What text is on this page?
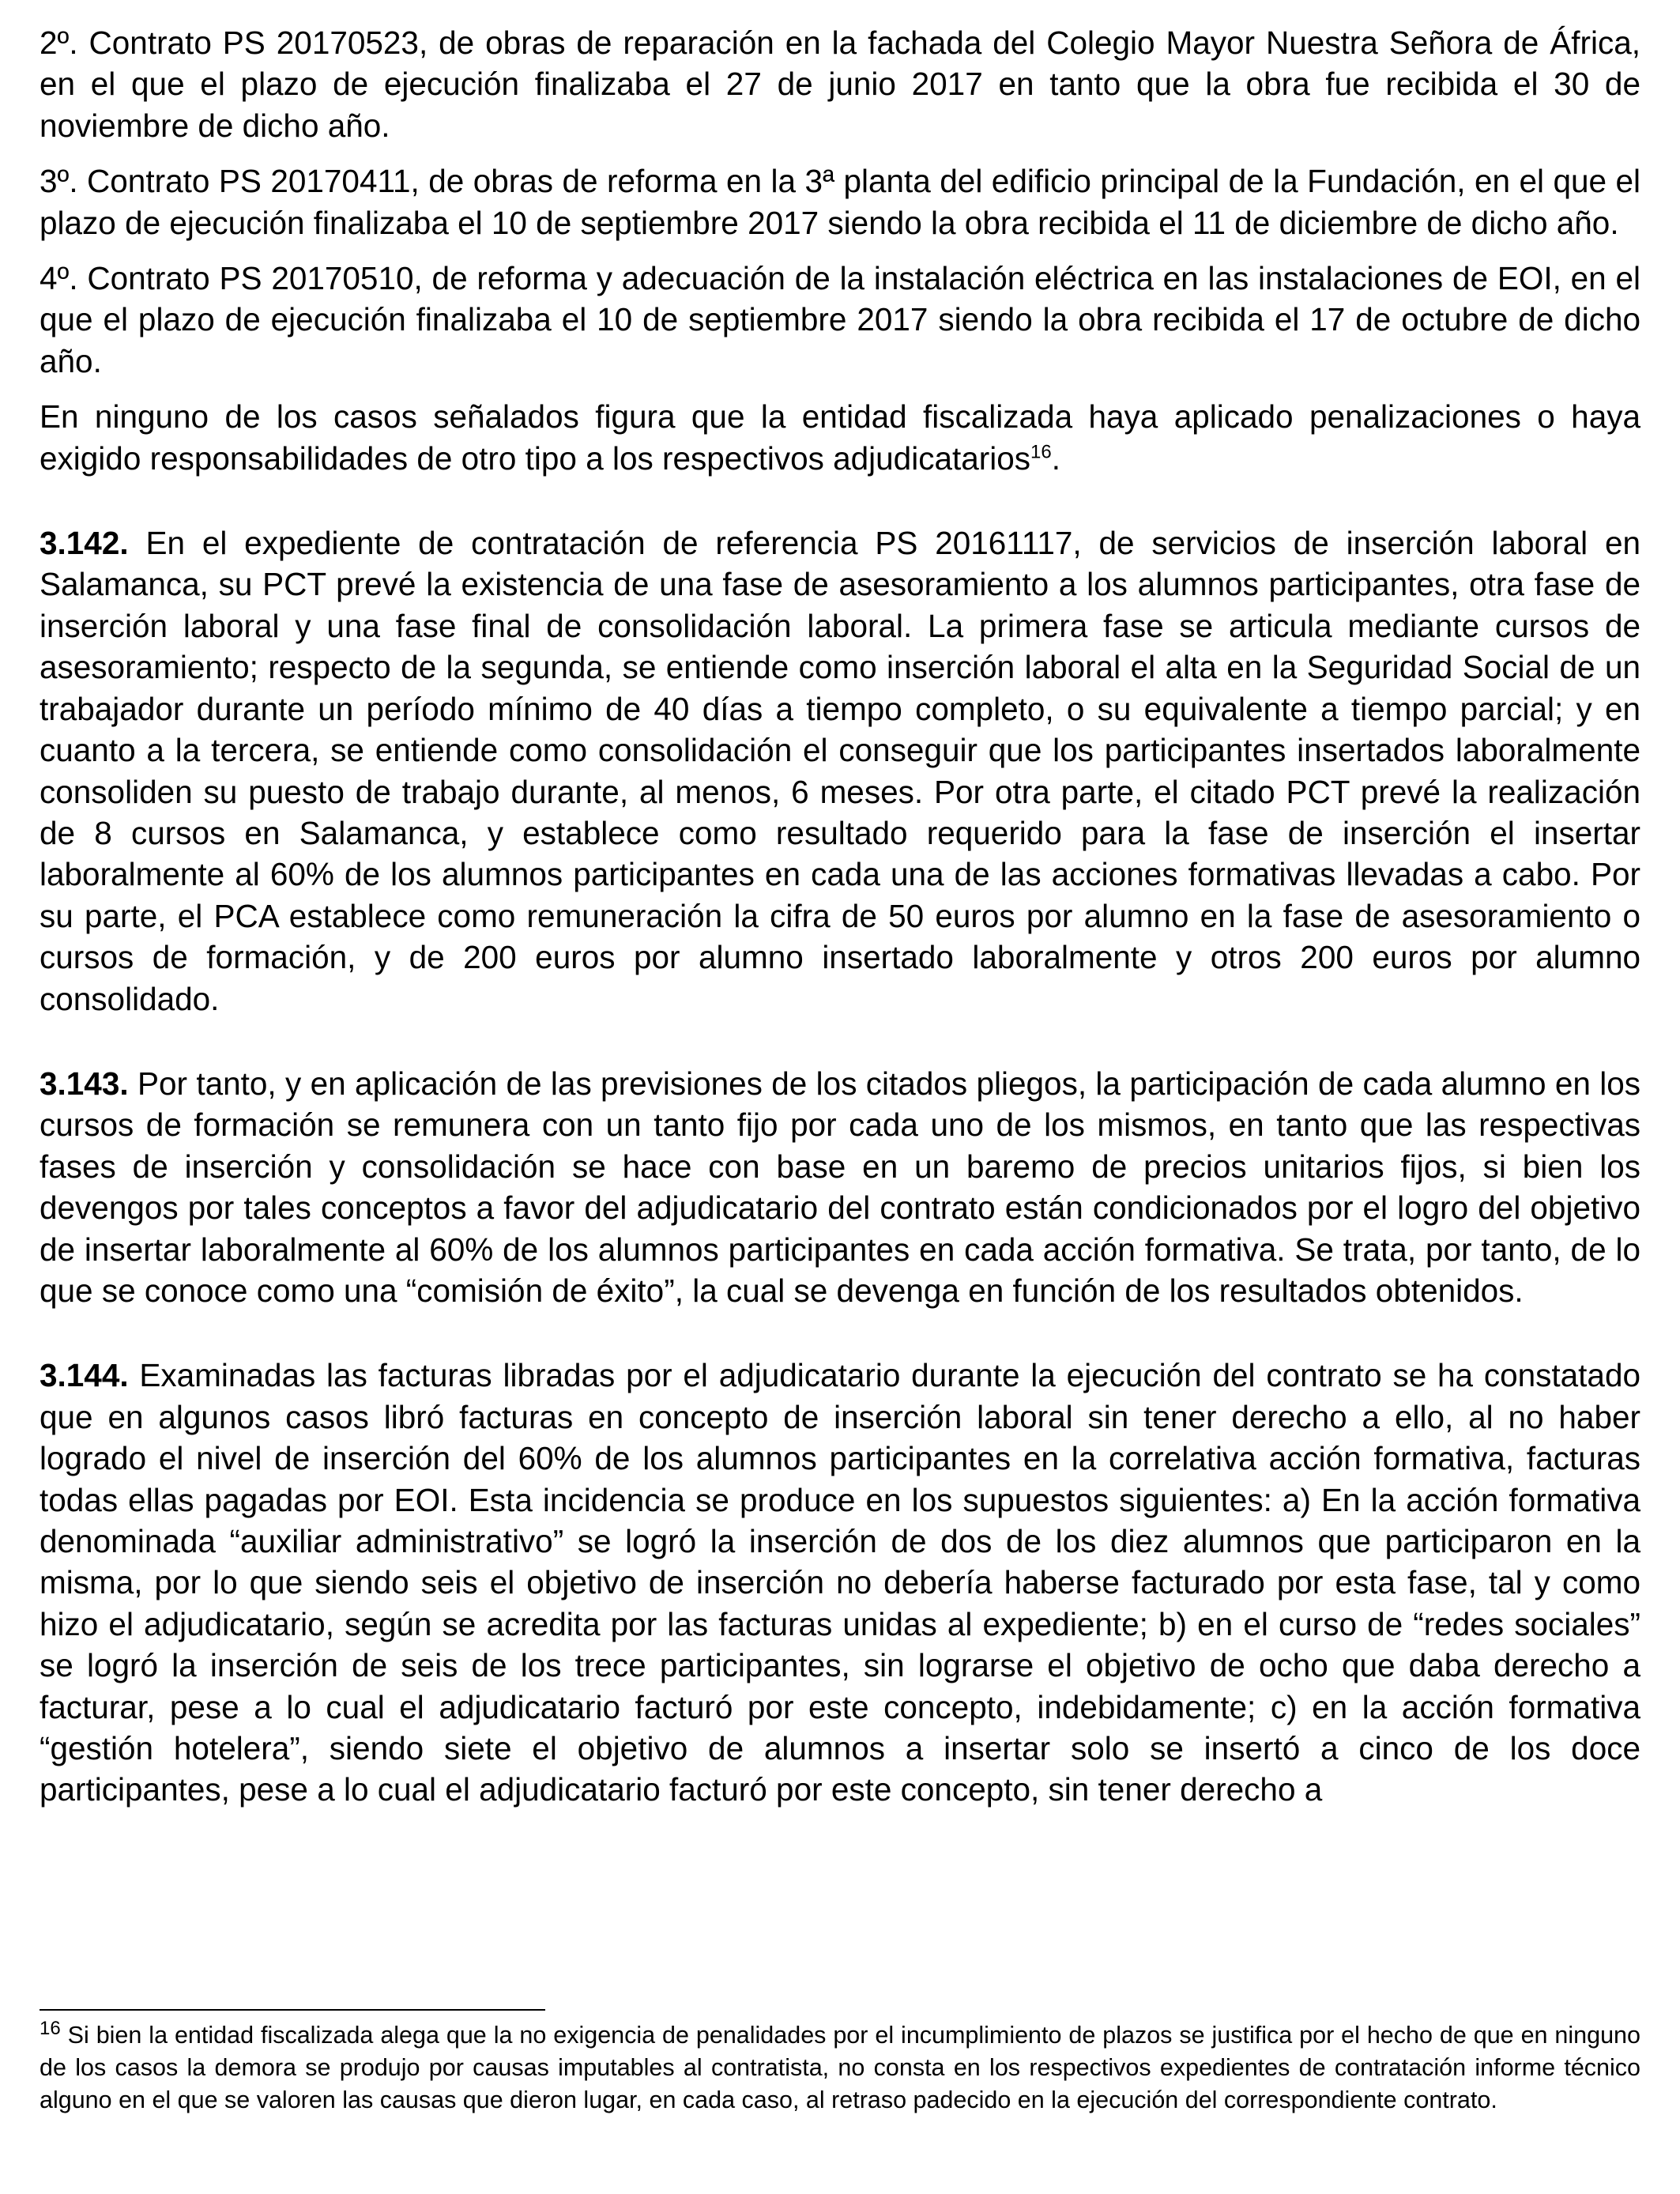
2º. Contrato PS 20170523, de obras de reparación en la fachada del Colegio Mayor Nuestra Señora de África, en el que el plazo de ejecución finalizaba el 27 de junio 2017 en tanto que la obra fue recibida el 30 de noviembre de dicho año.

3º. Contrato PS 20170411, de obras de reforma en la 3ª planta del edificio principal de la Fundación, en el que el plazo de ejecución finalizaba el 10 de septiembre 2017 siendo la obra recibida el 11 de diciembre de dicho año.

4º. Contrato PS 20170510, de reforma y adecuación de la instalación eléctrica en las instalaciones de EOI, en el que el plazo de ejecución finalizaba el 10 de septiembre 2017 siendo la obra recibida el 17 de octubre de dicho año.

En ninguno de los casos señalados figura que la entidad fiscalizada haya aplicado penalizaciones o haya exigido responsabilidades de otro tipo a los respectivos adjudicatarios$^{16}$.

3.142. En el expediente de contratación de referencia PS 20161117, de servicios de inserción laboral en Salamanca, su PCT prevé la existencia de una fase de asesoramiento a los alumnos participantes, otra fase de inserción laboral y una fase final de consolidación laboral. La primera fase se articula mediante cursos de asesoramiento; respecto de la segunda, se entiende como inserción laboral el alta en la Seguridad Social de un trabajador durante un período mínimo de 40 días a tiempo completo, o su equivalente a tiempo parcial; y en cuanto a la tercera, se entiende como consolidación el conseguir que los participantes insertados laboralmente consoliden su puesto de trabajo durante, al menos, 6 meses. Por otra parte, el citado PCT prevé la realización de 8 cursos en Salamanca, y establece como resultado requerido para la fase de inserción el insertar laboralmente al 60% de los alumnos participantes en cada una de las acciones formativas llevadas a cabo. Por su parte, el PCA establece como remuneración la cifra de 50 euros por alumno en la fase de asesoramiento o cursos de formación, y de 200 euros por alumno insertado laboralmente y otros 200 euros por alumno consolidado.

3.143. Por tanto, y en aplicación de las previsiones de los citados pliegos, la participación de cada alumno en los cursos de formación se remunera con un tanto fijo por cada uno de los mismos, en tanto que las respectivas fases de inserción y consolidación se hace con base en un baremo de precios unitarios fijos, si bien los devengos por tales conceptos a favor del adjudicatario del contrato están condicionados por el logro del objetivo de insertar laboralmente al 60% de los alumnos participantes en cada acción formativa. Se trata, por tanto, de lo que se conoce como una “comisión de éxito”, la cual se devenga en función de los resultados obtenidos.

3.144. Examinadas las facturas libradas por el adjudicatario durante la ejecución del contrato se ha constatado que en algunos casos libró facturas en concepto de inserción laboral sin tener derecho a ello, al no haber logrado el nivel de inserción del 60% de los alumnos participantes en la correlativa acción formativa, facturas todas ellas pagadas por EOI. Esta incidencia se produce en los supuestos siguientes: a) En la acción formativa denominada “auxiliar administrativo” se logró la inserción de dos de los diez alumnos que participaron en la misma, por lo que siendo seis el objetivo de inserción no debería haberse facturado por esta fase, tal y como hizo el adjudicatario, según se acredita por las facturas unidas al expediente; b) en el curso de “redes sociales” se logró la inserción de seis de los trece participantes, sin lograrse el objetivo de ocho que daba derecho a facturar, pese a lo cual el adjudicatario facturó por este concepto, indebidamente; c) en la acción formativa “gestión hotelera”, siendo siete el objetivo de alumnos a insertar solo se insertó a cinco de los doce participantes, pese a lo cual el adjudicatario facturó por este concepto, sin tener derecho a

$^{16}$ Si bien la entidad fiscalizada alega que la no exigencia de penalidades por el incumplimiento de plazos se justifica por el hecho de que en ninguno de los casos la demora se produjo por causas imputables al contratista, no consta en los respectivos expedientes de contratación informe técnico alguno en el que se valoren las causas que dieron lugar, en cada caso, al retraso padecido en la ejecución del correspondiente contrato.
